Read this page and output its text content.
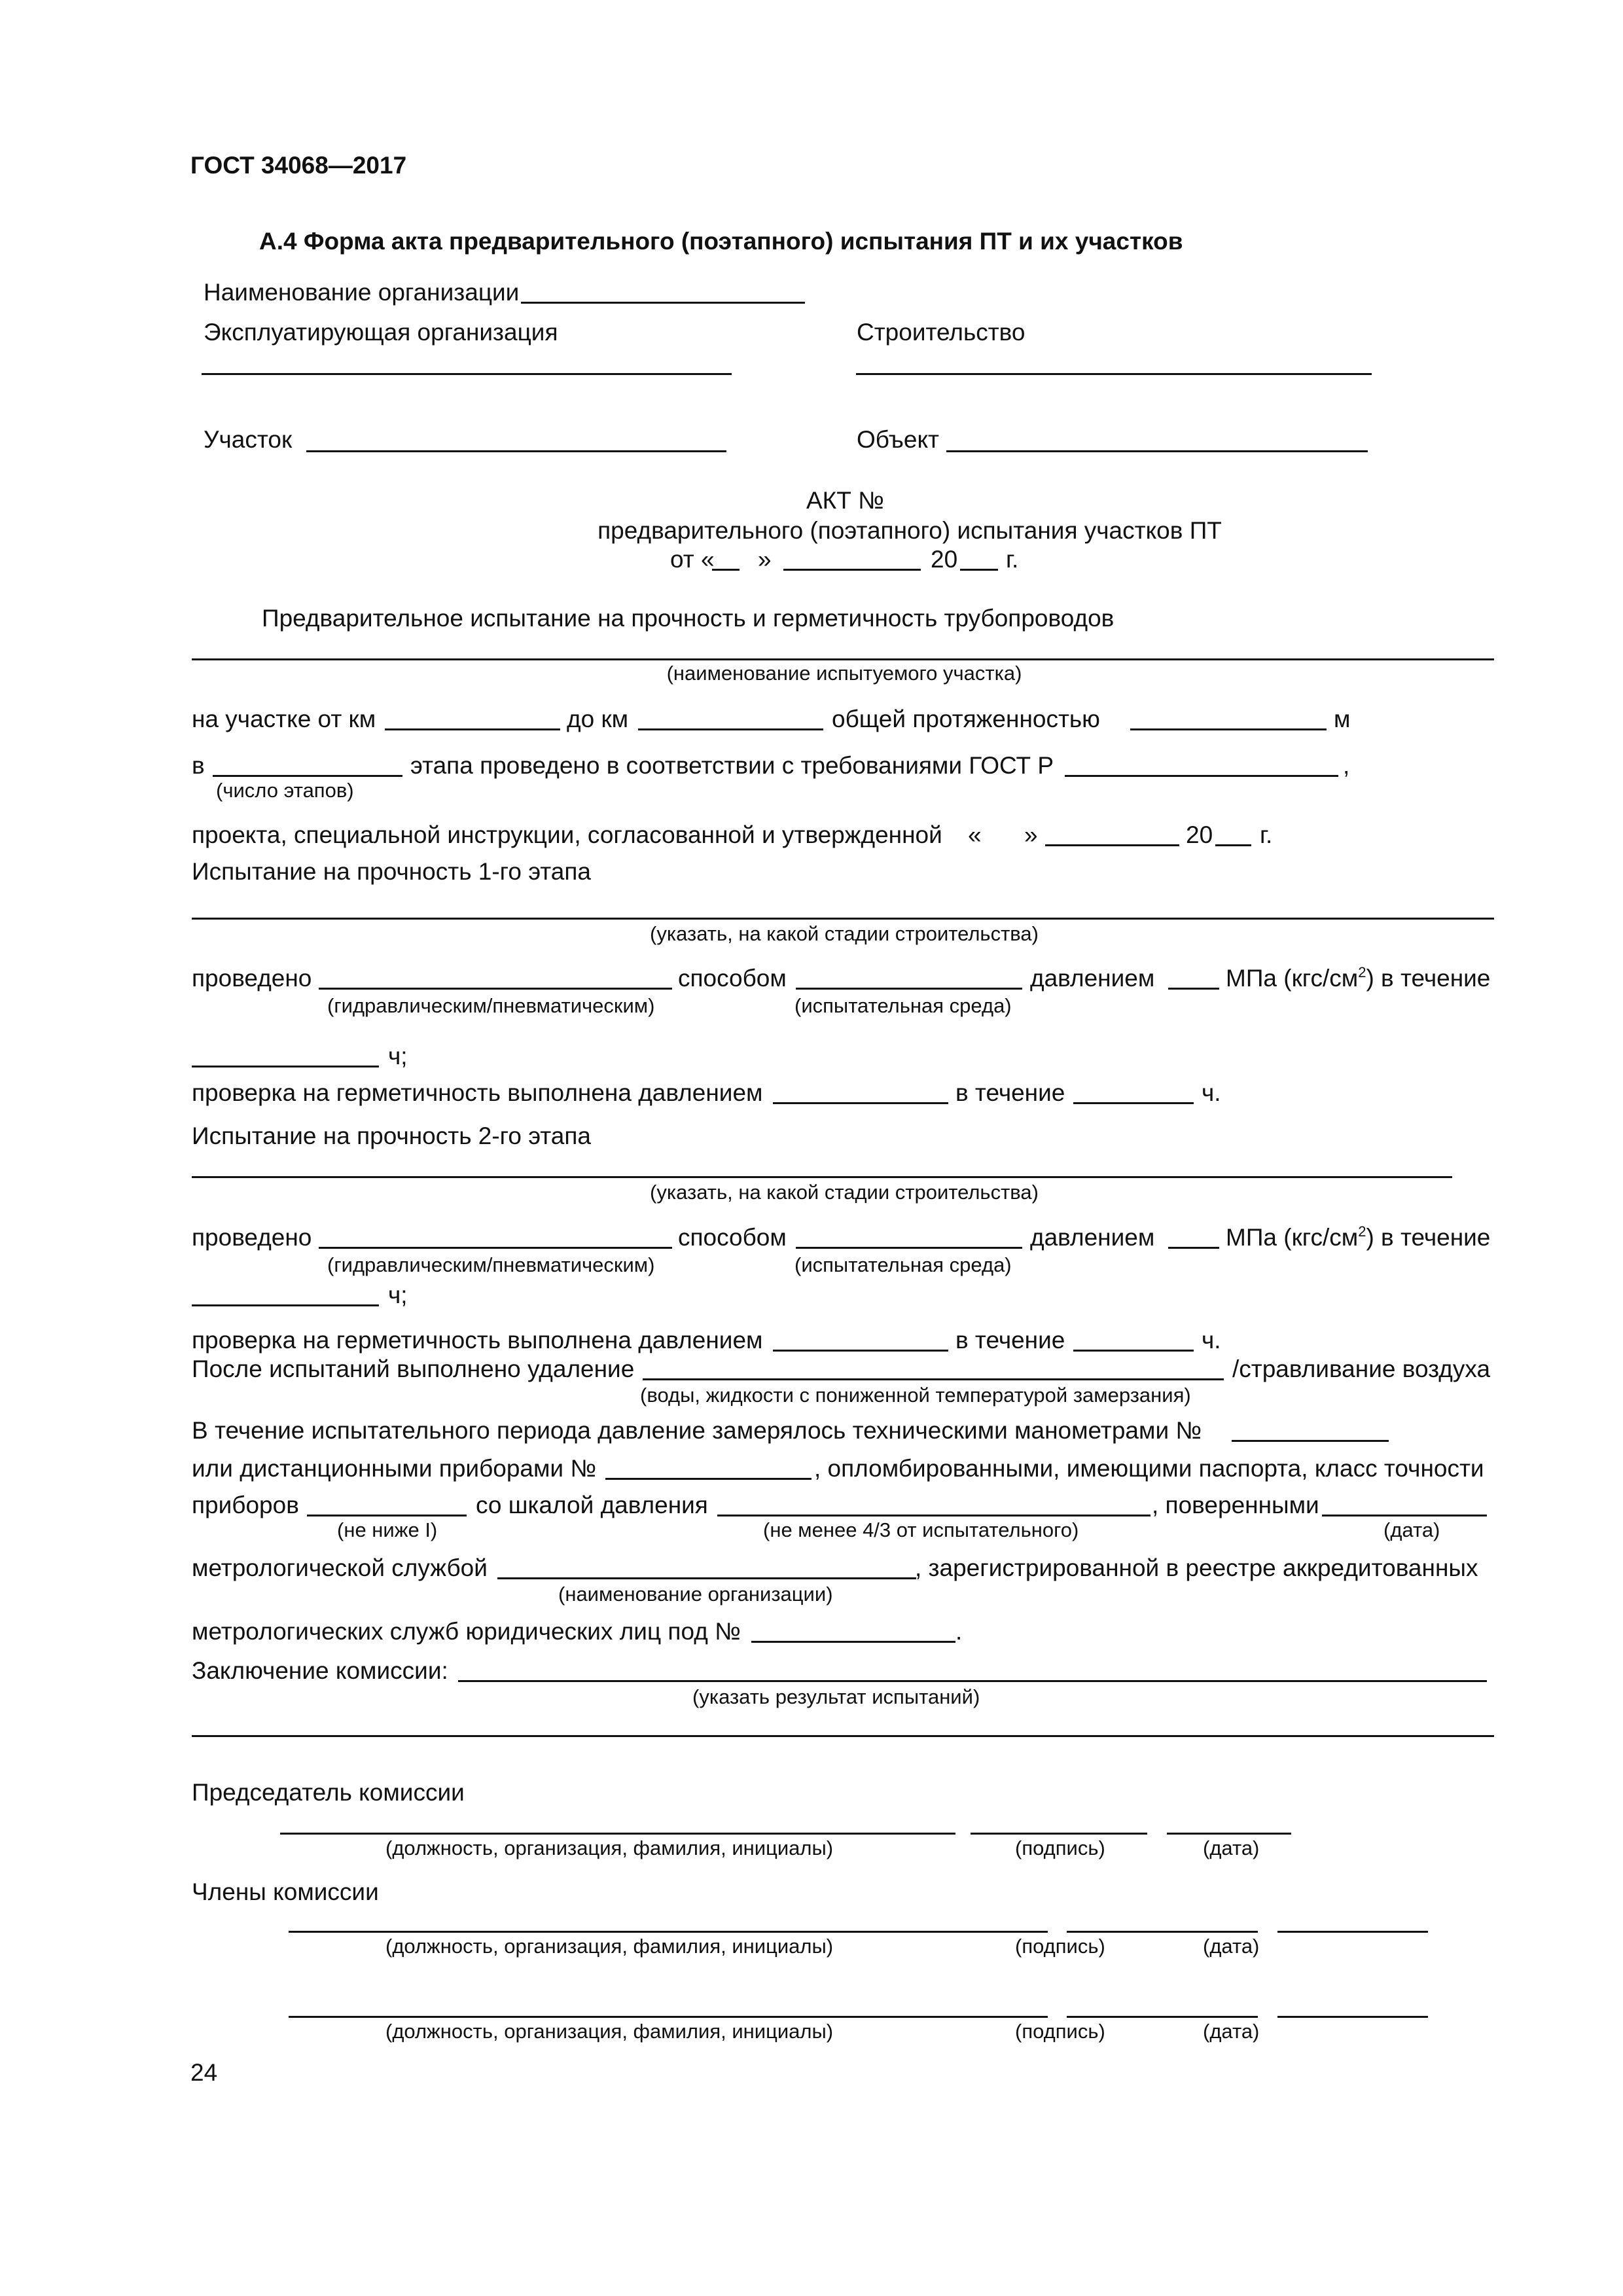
ГОСТ 34068—2017
А.4 Форма акта предварительного (поэтапного) испытания ПТ и их участков
Наименование организации
Эксплуатирующая организация	Строительство
Участок	Объект
АКТ №
предварительного (поэтапного) испытания участков ПТ
от « »	20 г.
Предварительное испытание на прочность и герметичность трубопроводов
(наименование испытуемого участка)
на участке от км	до км	общей протяженностью	м
в	этапа проведено в соответствии с требованиями ГОСТ Р	,
(число этапов)
проекта, специальной инструкции, согласованной и утвержденной « »	20 г.
Испытание на прочность 1-го этапа
(указать, на какой стадии строительства)
проведено	способом	давлением	МПа $(кгс/см^2)$ в течение
(гидравлическим/пневматическим)	(испытательная среда)
ч;
проверка на герметичность выполнена давлением	в течение	ч.
Испытание на прочность 2-го этапа
(указать, на какой стадии строительства)
проведено	способом	давлением	МПа $(кгс/см^2)$ в течение
(гидравлическим/пневматическим)	(испытательная среда)
ч;
проверка на герметичность выполнена давлением	в течение	ч.
После испытаний выполнено удаление	/стравливание воздуха
(воды, жидкости с пониженной температурой замерзания)
В течение испытательного периода давление замерялось техническими манометрами №
или дистанционными приборами №	, опломбированными, имеющими паспорта, класс точности
приборов	со шкалой давления	, поверенными
(не ниже I)	(не менее 4/3 от испытательного)	(дата)
метрологической службой	, зарегистрированной в реестре аккредитованных
(наименование организации)
метрологических служб юридических лиц под №	.
Заключение комиссии:
(указать результат испытаний)
Председатель комиссии
(должность, организация, фамилия, инициалы)	(подпись)	(дата)
Члены комиссии
(должность, организация, фамилия, инициалы)	(подпись)	(дата)
(должность, организация, фамилия, инициалы)	(подпись)	(дата)
24
